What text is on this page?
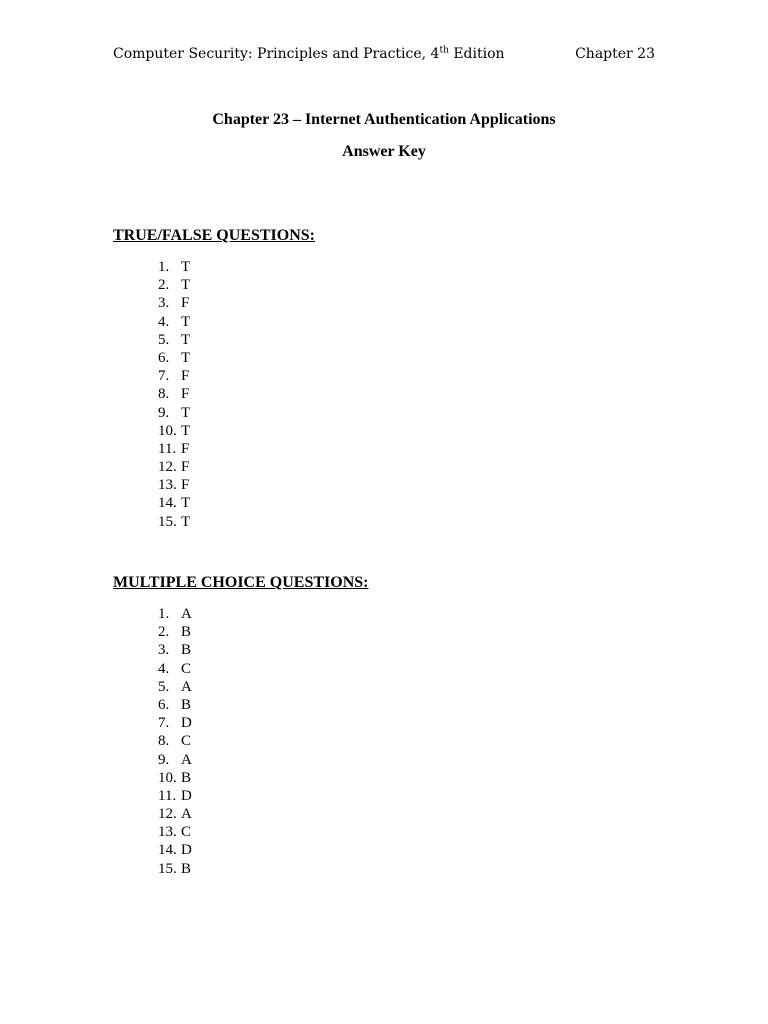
Computer Security: Principles and Practice, 4th Edition	Chapter 23
Chapter 23 – Internet Authentication Applications
Answer Key
TRUE/FALSE QUESTIONS:
1. T
2. T
3. F
4. T
5. T
6. T
7. F
8. F
9. T
10. T
11. F
12. F
13. F
14. T
15. T
MULTIPLE CHOICE QUESTIONS:
1. A
2. B
3. B
4. C
5. A
6. B
7. D
8. C
9. A
10. B
11. D
12. A
13. C
14. D
15. B
